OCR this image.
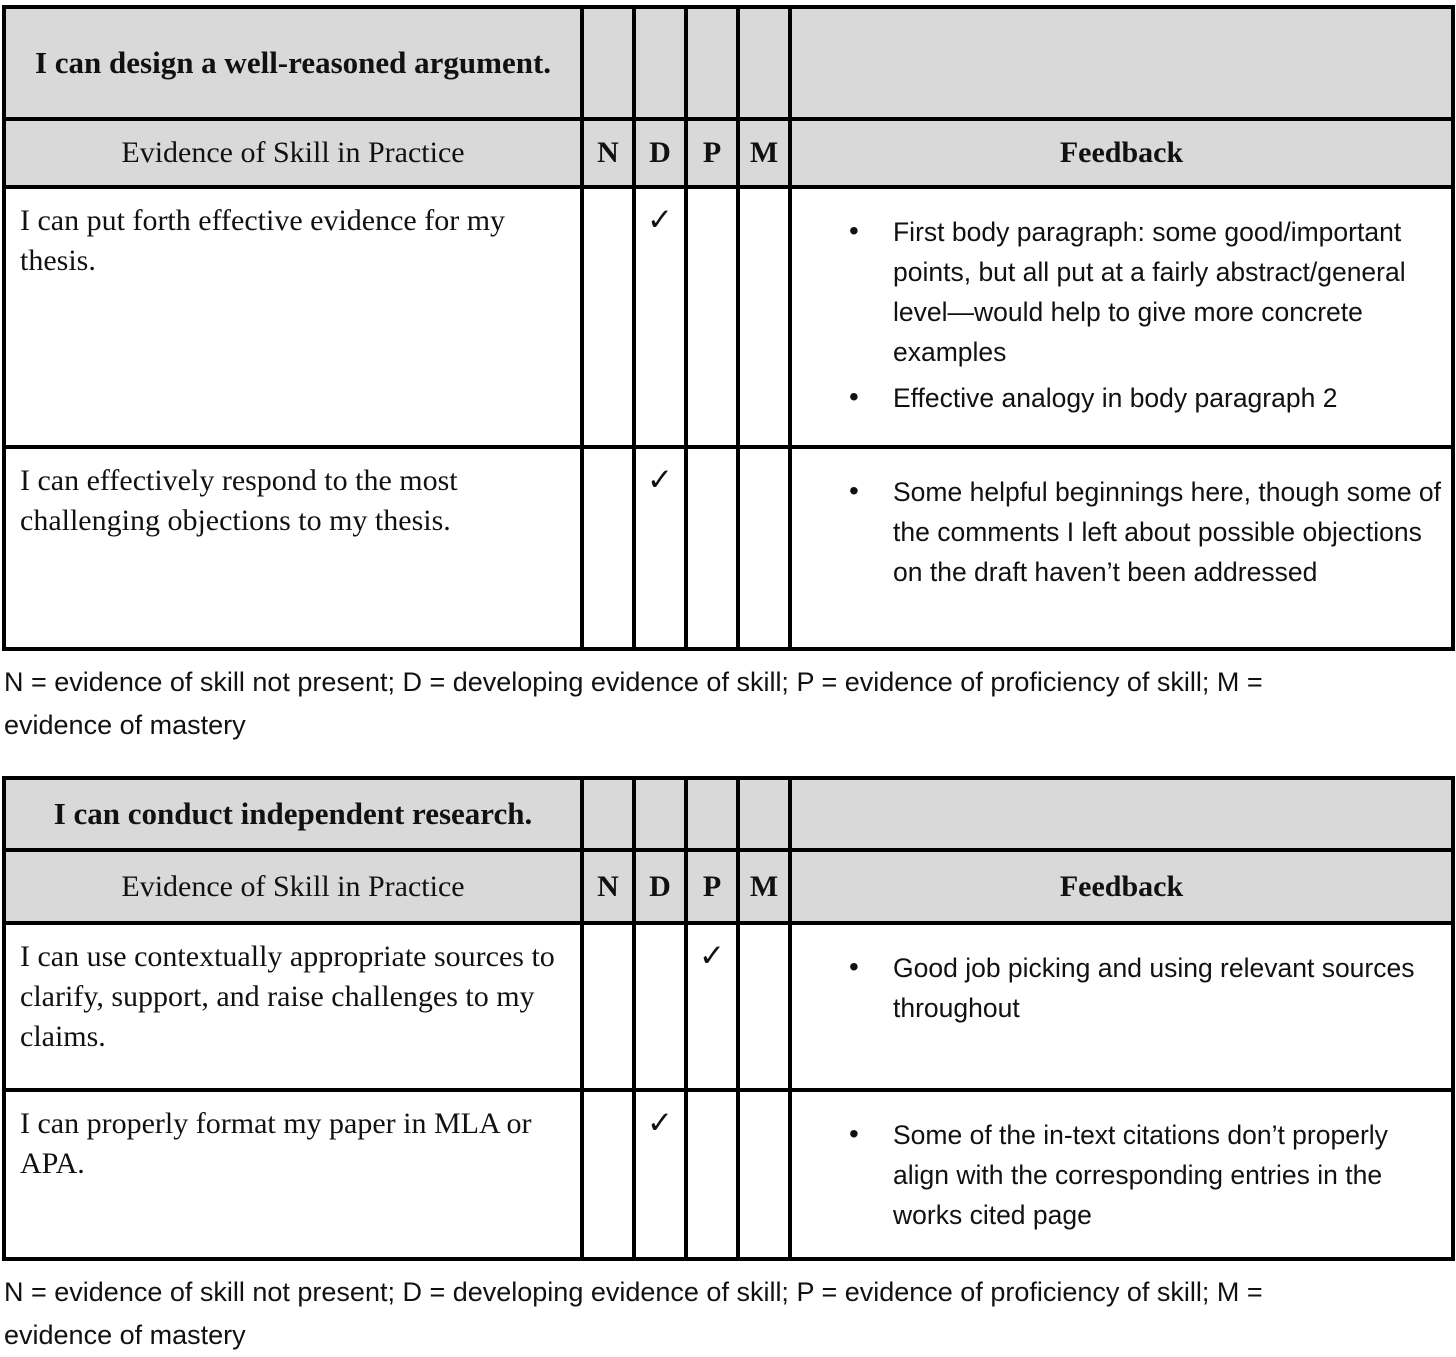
I can design a well-reasoned argument.					
Evidence of Skill in Practice	N	D	P	M	Feedback
I can put forth effective evidence for my thesis.		✓			
•First body paragraph: some good/important points, but all put at a fairly abstract/general level—would help to give more concrete examples
• Effective analogy in body paragraph 2

I can effectively respond to the most challenging objections to my thesis.		✓			
•Some helpful beginnings here, though some of the comments I left about possible objections on the draft haven’t been addressed

N = evidence of skill not present; D = developing evidence of skill; P = evidence of proficiency of skill; M = evidence of mastery

I can conduct independent research.					
Evidence of Skill in Practice	N	D	P	M	Feedback
I can use contextually appropriate sources to clarify, support, and raise challenges to my claims.			✓		
•Good job picking and using relevant sources throughout

I can properly format my paper in MLA or APA.		✓			
•Some of the in-text citations don’t properly align with the corresponding entries in the works cited page

N = evidence of skill not present; D = developing evidence of skill; P = evidence of proficiency of skill; M = evidence of mastery
